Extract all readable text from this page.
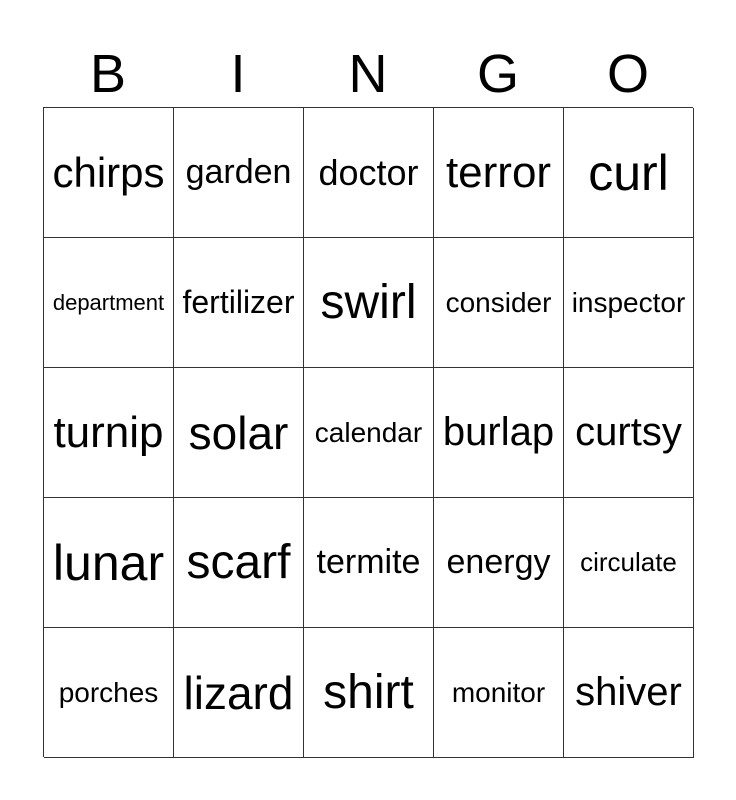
B	I	N	G	O
chirps garden doctor terror curl
department fertilizer swirl consider inspector
turnip solar calendar burlap curtsy
lunar scarf termite energy circulate
porches lizard shirt monitor shiver
